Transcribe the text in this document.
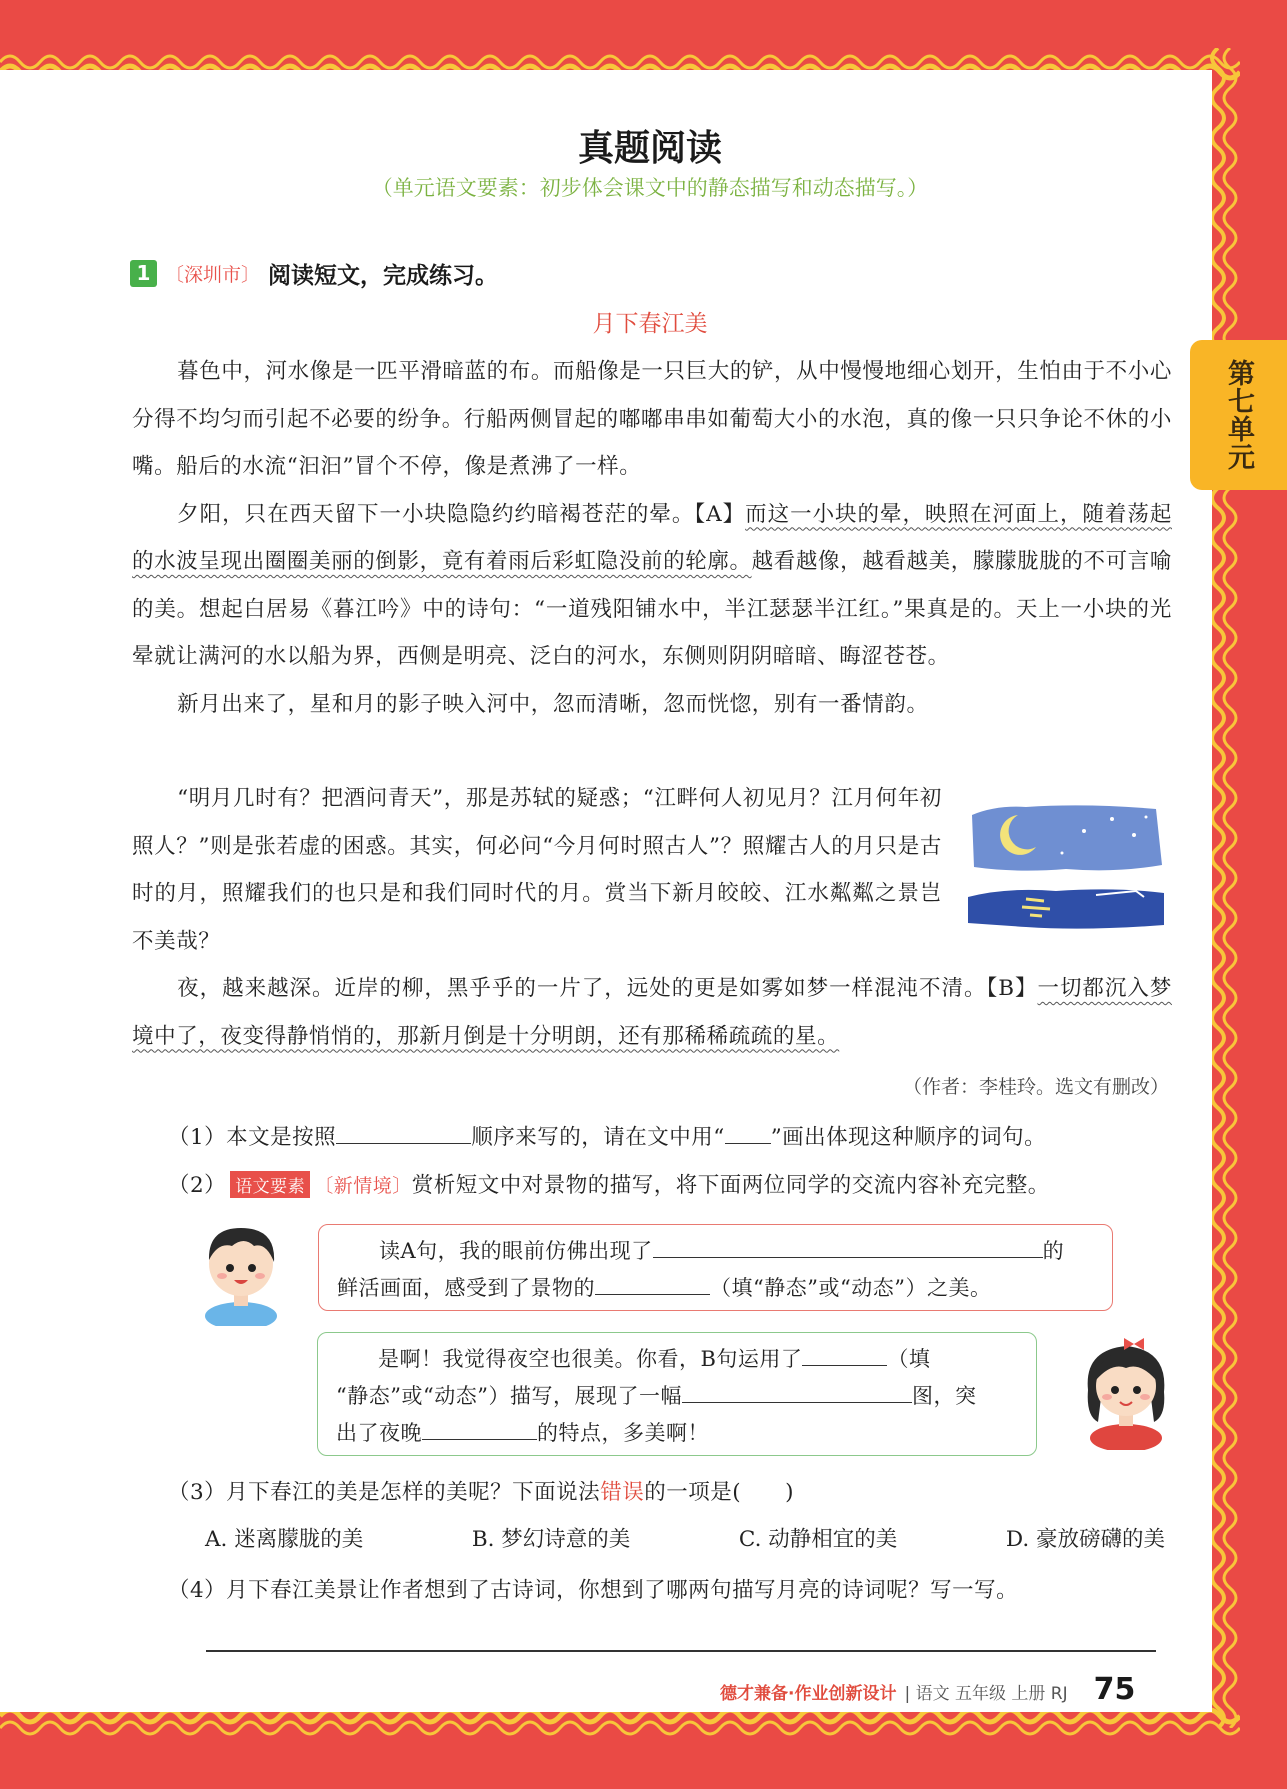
第七单元
真题阅读
（单元语文要素：初步体会课文中的静态描写和动态描写。）
1 〔深圳市〕 阅读短文，完成练习。
月下春江美

暮色中，河水像是一匹平滑暗蓝的布。而船像是一只巨大的铲，从中慢慢地细心划开，生怕由于不小心分得不均匀而引起不必要的纷争。行船两侧冒起的嘟嘟串串如葡萄大小的水泡，真的像一只只争论不休的小嘴。船后的水流“汩汩”冒个不停，像是煮沸了一样。

夕阳，只在西天留下一小块隐隐约约暗褐苍茫的晕。【A】而这一小块的晕，映照在河面上，随着荡起的水波呈现出圈圈美丽的倒影，竟有着雨后彩虹隐没前的轮廓。越看越像，越看越美，朦朦胧胧的不可言喻的美。想起白居易《暮江吟》中的诗句：“一道残阳铺水中，半江瑟瑟半江红。”果真是的。天上一小块的光晕就让满河的水以船为界，西侧是明亮、泛白的河水，东侧则阴阴暗暗、晦涩苍苍。

新月出来了，星和月的影子映入河中，忽而清晰，忽而恍惚，别有一番情韵。

“明月几时有？把酒问青天”，那是苏轼的疑惑；“江畔何人初见月？江月何年初照人？”则是张若虚的困惑。其实，何必问“今月何时照古人”？照耀古人的月只是古时的月，照耀我们的也只是和我们同时代的月。赏当下新月皎皎、江水粼粼之景岂不美哉？

夜，越来越深。近岸的柳，黑乎乎的一片了，远处的更是如雾如梦一样混沌不清。【B】一切都沉入梦境中了，夜变得静悄悄的，那新月倒是十分明朗，还有那稀稀疏疏的星。

（作者：李桂玲。选文有删改）
（1）本文是按照	顺序来写的，请在文中用“ ”画出体现这种顺序的词句。
（2） 语文要素 〔新情境〕赏析短文中对景物的描写，将下面两位同学的交流内容补充完整。
读A句，我的眼前仿佛出现了	的
鲜活画面，感受到了景物的	（填“静态”或“动态”）之美。
是啊！我觉得夜空也很美。你看，B句运用了	（填
“静态”或“动态”）描写，展现了一幅	图，突
出了夜晚	的特点，多美啊！
（3）月下春江的美是怎样的美呢？下面说法错误的一项是(　　)
A. 迷离朦胧的美	B. 梦幻诗意的美	C. 动静相宜的美	D. 豪放磅礴的美
（4）月下春江美景让作者想到了古诗词，你想到了哪两句描写月亮的诗词呢？写一写。
德才兼备·作业创新设计 | 语文 五年级 上册 RJ 75
